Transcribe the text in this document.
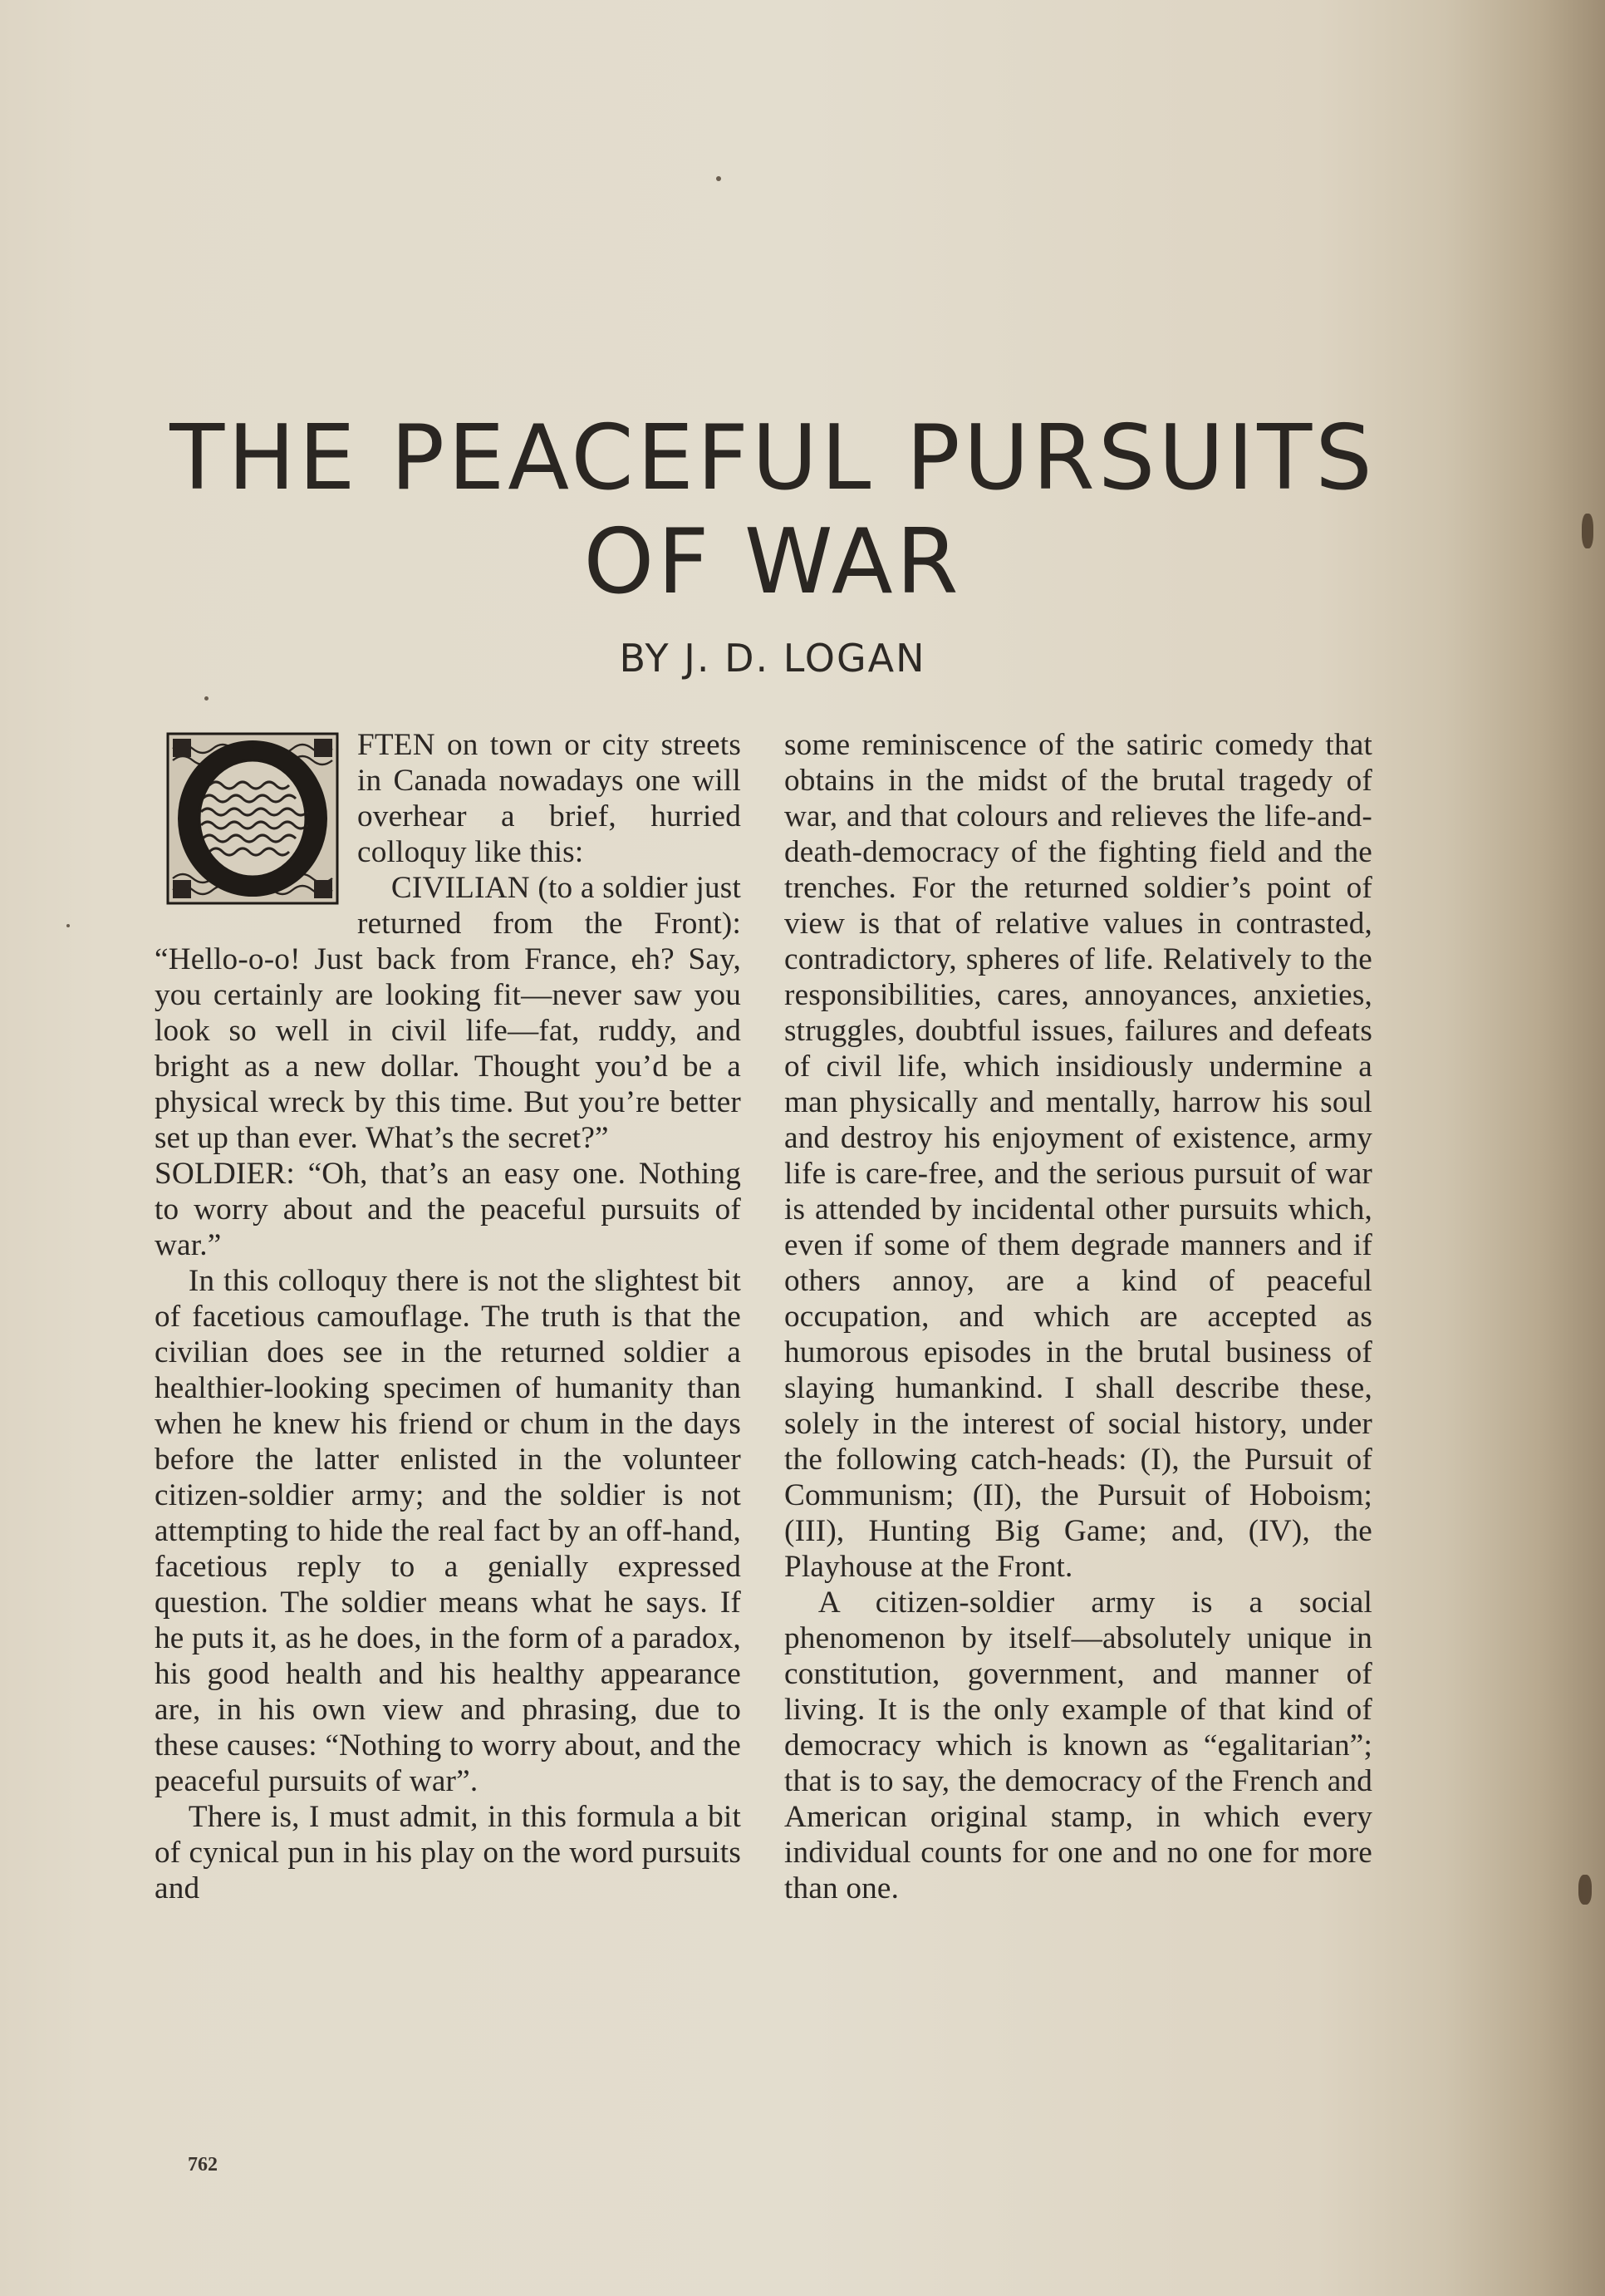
THE PEACEFUL PURSUITS
OF WAR
BY J. D. LOGAN
O	FTEN on town or city streets in Canada nowadays one will overhear a brief, hurried colloquy like this:

CIVILIAN (to a soldier just returned from the Front): “Hello-o-o! Just back from France, eh? Say, you certainly are looking fit—never saw you look so well in civil life—fat, ruddy, and bright as a new dollar. Thought you’d be a physical wreck by this time. But you’re better set up than ever. What’s the secret?”

SOLDIER: “Oh, that’s an easy one. Nothing to worry about and the peaceful pursuits of war.”

In this colloquy there is not the slightest bit of facetious camouflage. The truth is that the civilian does see in the returned soldier a healthier-looking specimen of humanity than when he knew his friend or chum in the days before the latter enlisted in the volunteer citizen-soldier army; and the soldier is not attempting to hide the real fact by an off-hand, facetious reply to a genially expressed question. The soldier means what he says. If he puts it, as he does, in the form of a paradox, his good health and his healthy appearance are, in his own view and phrasing, due to these causes: “Nothing to worry about, and the peaceful pursuits of war”.

There is, I must admit, in this formula a bit of cynical pun in his play on the word pursuits and

some reminiscence of the satiric comedy that obtains in the midst of the brutal tragedy of war, and that colours and relieves the life-and-death-democracy of the fighting field and the trenches. For the returned soldier’s point of view is that of relative values in contrasted, contradictory, spheres of life. Relatively to the responsibilities, cares, annoyances, anxieties, struggles, doubtful issues, failures and defeats of civil life, which insidiously undermine a man physically and mentally, harrow his soul and destroy his enjoyment of existence, army life is care-free, and the serious pursuit of war is attended by incidental other pursuits which, even if some of them degrade manners and if others annoy, are a kind of peaceful occupation, and which are accepted as humorous episodes in the brutal business of slaying humankind. I shall describe these, solely in the interest of social history, under the following catch-heads: (I), the Pursuit of Communism; (II), the Pursuit of Hoboism; (III), Hunting Big Game; and, (IV), the Playhouse at the Front.

A citizen-soldier army is a social phenomenon by itself—absolutely unique in constitution, government, and manner of living. It is the only example of that kind of democracy which is known as “egalitarian”; that is to say, the democracy of the French and American original stamp, in which every individual counts for one and no one for more than one.

762
